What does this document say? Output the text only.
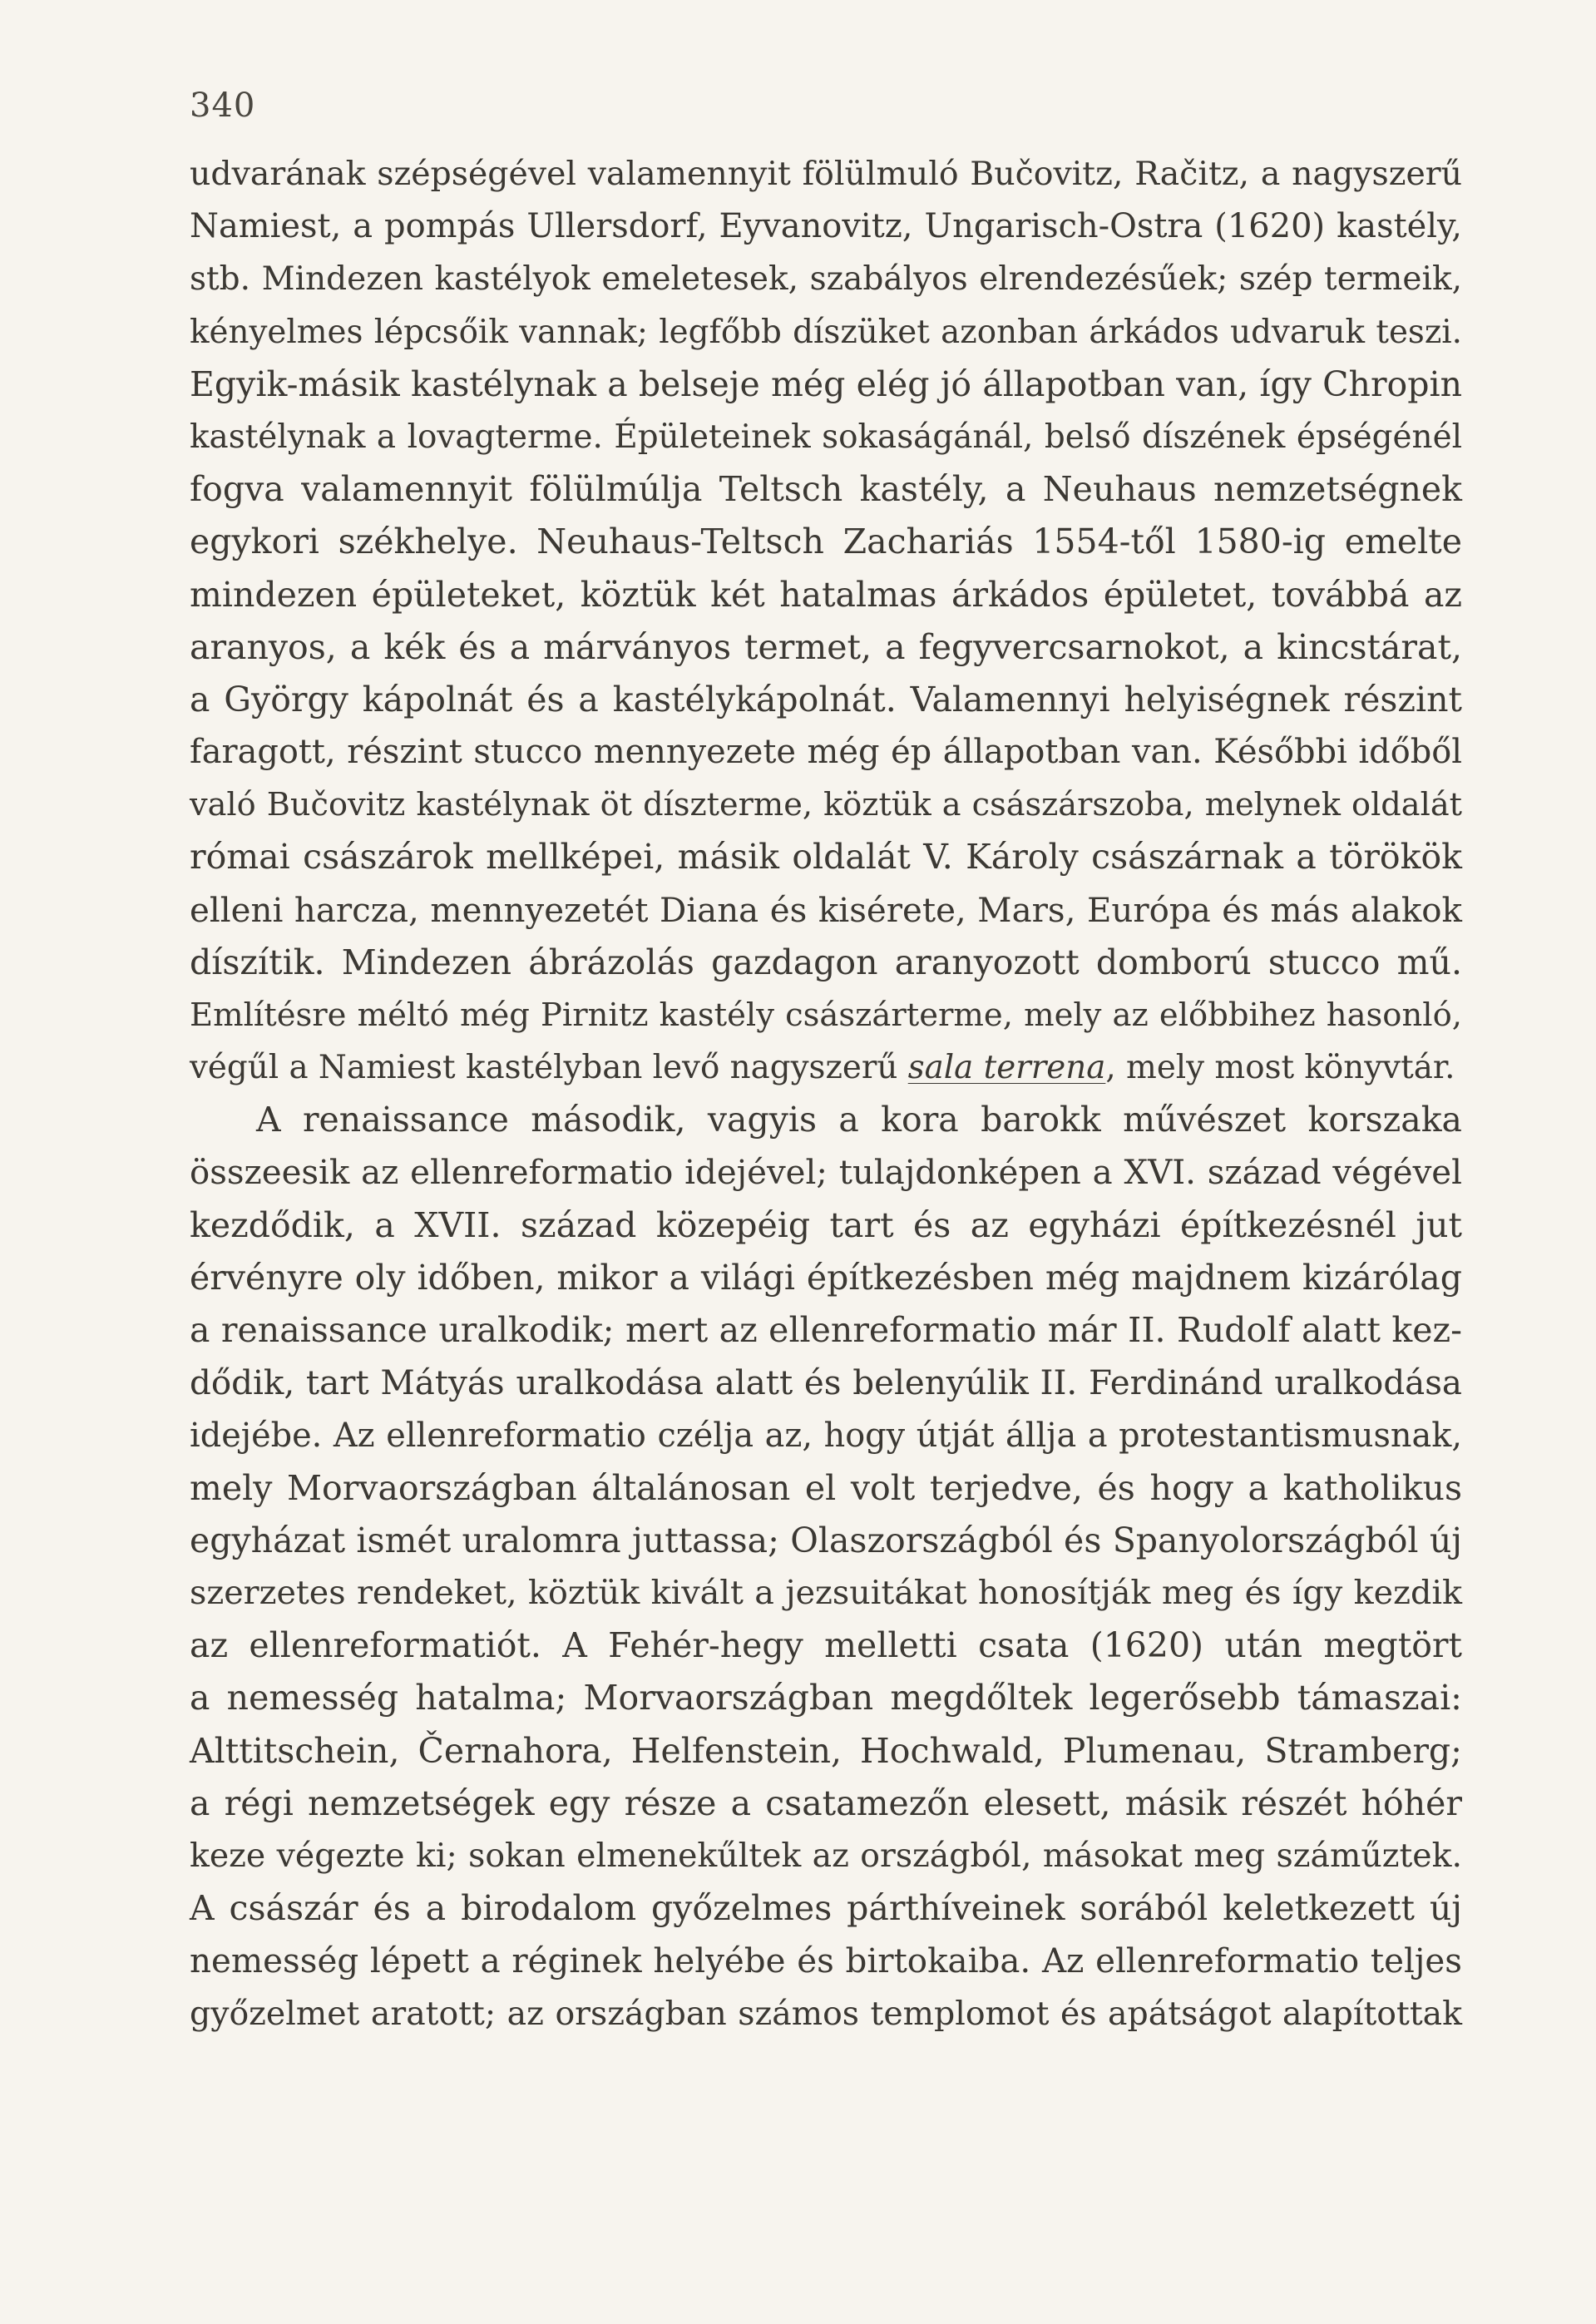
340
udvarának szépségével valamennyit fölülmuló Bučovitz, Račitz, a nagyszerű
Namiest, a pompás Ullersdorf, Eyvanovitz, Ungarisch-Ostra (1620) kastély,
stb. Mindezen kastélyok emeletesek, szabályos elrendezésűek; szép termeik,
kényelmes lépcsőik vannak; legfőbb díszüket azonban árkádos udvaruk teszi.
Egyik-másik kastélynak a belseje még elég jó állapotban van, így Chropin
kastélynak a lovagterme. Épületeinek sokaságánál, belső díszének épségénél
fogva valamennyit fölülmúlja Teltsch kastély, a Neuhaus nemzetségnek
egykori székhelye. Neuhaus-Teltsch Zachariás 1554-től 1580-ig emelte
mindezen épületeket, köztük két hatalmas árkádos épületet, továbbá az
aranyos, a kék és a márványos termet, a fegyvercsarnokot, a kincstárat,
a György kápolnát és a kastélykápolnát. Valamennyi helyiségnek részint
faragott, részint stucco mennyezete még ép állapotban van. Későbbi időből
való Bučovitz kastélynak öt díszterme, köztük a császárszoba, melynek oldalát
római császárok mellképei, másik oldalát V. Károly császárnak a törökök
elleni harcza, mennyezetét Diana és kisérete, Mars, Európa és más alakok
díszítik. Mindezen ábrázolás gazdagon aranyozott domború stucco mű.
Említésre méltó még Pirnitz kastély császárterme, mely az előbbihez hasonló,
végűl a Namiest kastélyban levő nagyszerű sala terrena, mely most könyvtár.
A renaissance második, vagyis a kora barokk művészet korszaka
összeesik az ellenreformatio idejével; tulajdonképen a XVI. század végével
kezdődik, a XVII. század közepéig tart és az egyházi építkezésnél jut
érvényre oly időben, mikor a világi építkezésben még majdnem kizárólag
a renaissance uralkodik; mert az ellenreformatio már II. Rudolf alatt kez-
dődik, tart Mátyás uralkodása alatt és belenyúlik II. Ferdinánd uralkodása
idejébe. Az ellenreformatio czélja az, hogy útját állja a protestantismusnak,
mely Morvaországban általánosan el volt terjedve, és hogy a katholikus
egyházat ismét uralomra juttassa; Olaszországból és Spanyolországból új
szerzetes rendeket, köztük kivált a jezsuitákat honosítják meg és így kezdik
az ellenreformatiót. A Fehér-hegy melletti csata (1620) után megtört
a nemesség hatalma; Morvaországban megdőltek legerősebb támaszai:
Alttitschein, Černahora, Helfenstein, Hochwald, Plumenau, Stramberg;
a régi nemzetségek egy része a csatamezőn elesett, másik részét hóhér
keze végezte ki; sokan elmenekűltek az országból, másokat meg száműztek.
A császár és a birodalom győzelmes párthíveinek sorából keletkezett új
nemesség lépett a réginek helyébe és birtokaiba. Az ellenreformatio teljes
győzelmet aratott; az országban számos templomot és apátságot alapítottak
